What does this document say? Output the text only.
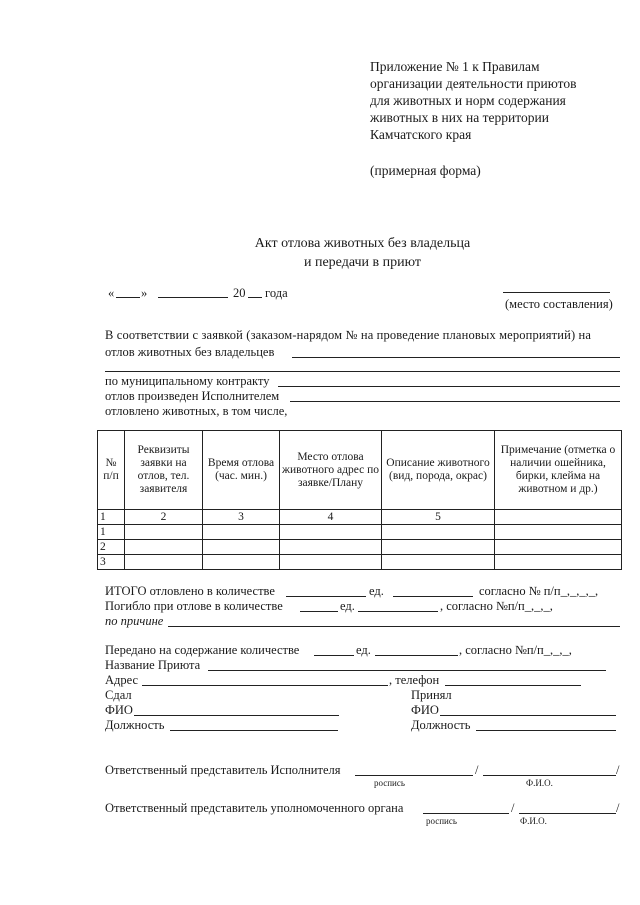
Приложение № 1 к Правилам
организации деятельности приютов
для животных и норм содержания
животных в них на территории
Камчатского края
(примерная форма)
Акт отлова животных без владельца
и передачи в приют
« »	20 года
(место составления)
В соответствии с заявкой (заказом-нарядом № на проведение плановых мероприятий) на
отлов животных без владельцев
по муниципальному контракту
отлов произведен Исполнителем
отловлено животных, в том числе,
№ п/п	Реквизиты заявки на отлов, тел. заявителя	Время отлова (час. мин.)	Место отлова животного адрес по заявке/Плану	Описание животного (вид, порода, окрас)	Примечание (отметка о наличии ошейника, бирки, клейма на животном и др.)
1	2	3	4	5	
1					
2					
3					
ИТОГО отловлено в количестве	ед.	согласно № п/п_,_,_,_,
Погибло при отлове в количестве	ед.	, согласно №п/п_,_,_,
по причине
Передано на содержание количестве	ед.	, согласно №п/п_,_,_,
Название Приюта
Адрес	, телефон
Сдал	Принял
ФИО	ФИО
Должность	Должность
Ответственный представитель Исполнителя	/	/
роспись	Ф.И.О.
Ответственный представитель уполномоченного органа	/	/
роспись	Ф.И.О.
